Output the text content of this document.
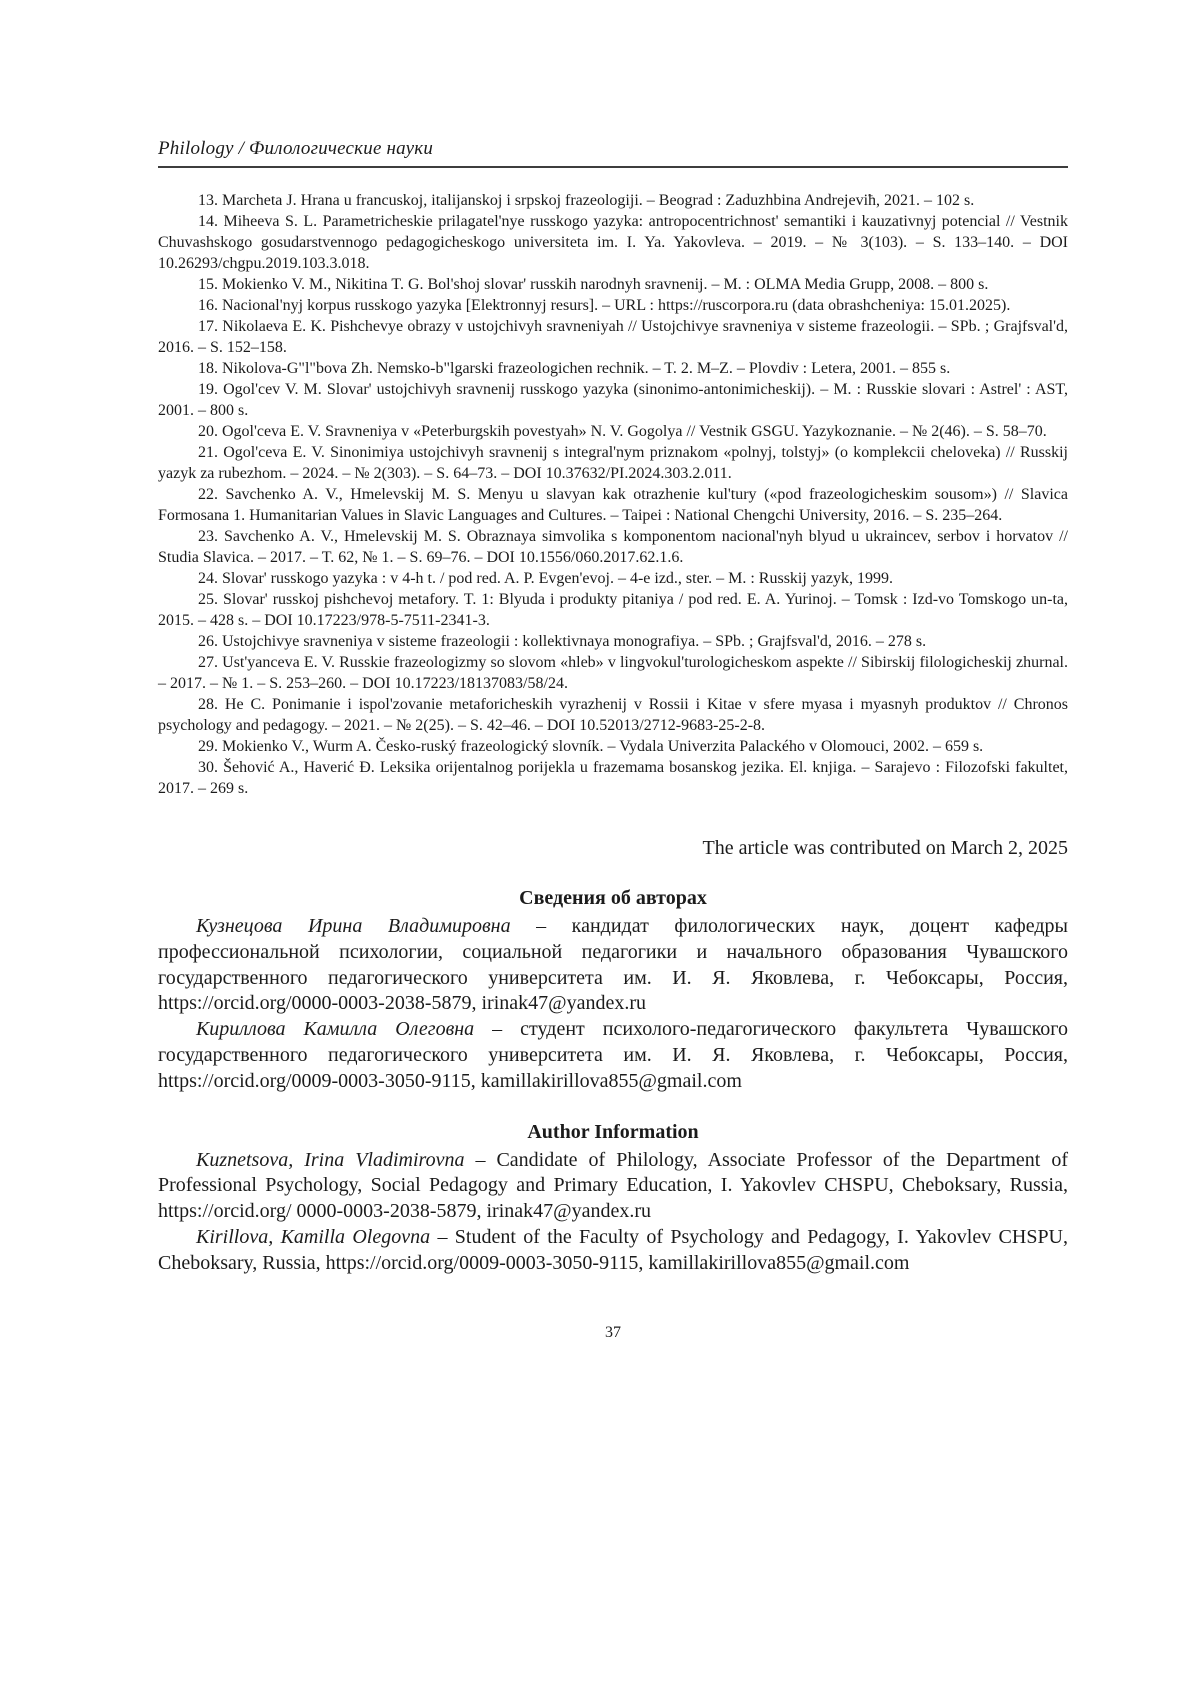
Philology / Филологические науки

13. Marcheta J. Hrana u francuskoj, italijanskoj i srpskoj frazeologiji. – Beograd : Zaduzhbina Andrejeviħ, 2021. – 102 s.

14. Miheeva S. L. Parametricheskie prilagatel'nye russkogo yazyka: antropocentrichnost' semantiki i kauzativnyj potencial // Vestnik Chuvashskogo gosudarstvennogo pedagogicheskogo universiteta im. I. Ya. Yakovleva. – 2019. – № 3(103). – S. 133–140. – DOI 10.26293/chgpu.2019.103.3.018.

15. Mokienko V. M., Nikitina T. G. Bol'shoj slovar' russkih narodnyh sravnenij. – M. : OLMA Media Grupp, 2008. – 800 s.

16. Nacional'nyj korpus russkogo yazyka [Elektronnyj resurs]. – URL : https://ruscorpora.ru (data obrashcheniya: 15.01.2025).

17. Nikolaeva E. K. Pishchevye obrazy v ustojchivyh sravneniyah // Ustojchivye sravneniya v sisteme frazeologii. – SPb. ; Grajfsval'd, 2016. – S. 152–158.

18. Nikolova-G"l"bova Zh. Nemsko-b"lgarski frazeologichen rechnik. – T. 2. M–Z. – Plovdiv : Letera, 2001. – 855 s.

19. Ogol'cev V. M. Slovar' ustojchivyh sravnenij russkogo yazyka (sinonimo-antonimicheskij). – M. : Russkie slovari : Astrel' : AST, 2001. – 800 s.

20. Ogol'ceva E. V. Sravneniya v «Peterburgskih povestyah» N. V. Gogolya // Vestnik GSGU. Yazykoznanie. – № 2(46). – S. 58–70.

21. Ogol'ceva E. V. Sinonimiya ustojchivyh sravnenij s integral'nym priznakom «polnyj, tolstyj» (o komplekcii cheloveka) // Russkij yazyk za rubezhom. – 2024. – № 2(303). – S. 64–73. – DOI 10.37632/PI.2024.303.2.011.

22. Savchenko A. V., Hmelevskij M. S. Menyu u slavyan kak otrazhenie kul'tury («pod frazeologicheskim sousom») // Slavica Formosana 1. Humanitarian Values in Slavic Languages and Cultures. – Taipei : National Chengchi University, 2016. – S. 235–264.

23. Savchenko A. V., Hmelevskij M. S. Obraznaya simvolika s komponentom nacional'nyh blyud u ukraincev, serbov i horvatov // Studia Slavica. – 2017. – T. 62, № 1. – S. 69–76. – DOI 10.1556/060.2017.62.1.6.

24. Slovar' russkogo yazyka : v 4-h t. / pod red. A. P. Evgen'evoj. – 4-e izd., ster. – M. : Russkij yazyk, 1999.

25. Slovar' russkoj pishchevoj metafory. T. 1: Blyuda i produkty pitaniya / pod red. E. A. Yurinoj. – Tomsk : Izd-vo Tomskogo un-ta, 2015. – 428 s. – DOI 10.17223/978-5-7511-2341-3.

26. Ustojchivye sravneniya v sisteme frazeologii : kollektivnaya monografiya. – SPb. ; Grajfsval'd, 2016. – 278 s.

27. Ust'yanceva E. V. Russkie frazeologizmy so slovom «hleb» v lingvokul'turologicheskom aspekte // Sibirskij filologicheskij zhurnal. – 2017. – № 1. – S. 253–260. – DOI 10.17223/18137083/58/24.

28. He C. Ponimanie i ispol'zovanie metaforicheskih vyrazhenij v Rossii i Kitae v sfere myasa i myasnyh produktov // Chronos psychology and pedagogy. – 2021. – № 2(25). – S. 42–46. – DOI 10.52013/2712-9683-25-2-8.

29. Mokienko V., Wurm A. Česko-ruský frazeologický slovník. – Vydala Univerzita Palackého v Olomouci, 2002. – 659 s.

30. Šehović A., Haverić Đ. Leksika orijentalnog porijekla u frazemama bosanskog jezika. El. knjiga. – Sarajevo : Filozofski fakultet, 2017. – 269 s.

The article was contributed on March 2, 2025

Сведения об авторах

Кузнецова Ирина Владимировна – кандидат филологических наук, доцент кафедры профессиональной психологии, социальной педагогики и начального образования Чувашского государственного педагогического университета им. И. Я. Яковлева, г. Чебоксары, Россия, https://orcid.org/0000-0003-2038-5879, irinak47@yandex.ru

Кириллова Камилла Олеговна – студент психолого-педагогического факультета Чувашского государственного педагогического университета им. И. Я. Яковлева, г. Чебоксары, Россия, https://orcid.org/0009-0003-3050-9115, kamillakirillova855@gmail.com

Author Information

Kuznetsova, Irina Vladimirovna – Candidate of Philology, Associate Professor of the Department of Professional Psychology, Social Pedagogy and Primary Education, I. Yakovlev CHSPU, Cheboksary, Russia, https://orcid.org/ 0000-0003-2038-5879, irinak47@yandex.ru

Kirillova, Kamilla Olegovna – Student of the Faculty of Psychology and Pedagogy, I. Yakovlev CHSPU, Cheboksary, Russia, https://orcid.org/0009-0003-3050-9115, kamillakirillova855@gmail.com

37
